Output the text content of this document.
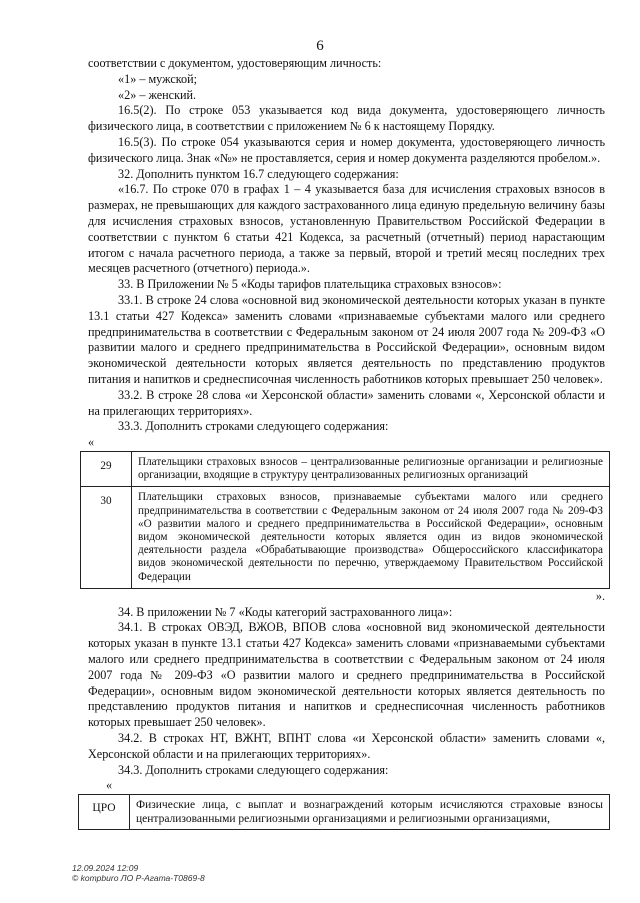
6

соответствии с документом, удостоверяющим личность:

«1» – мужской;

«2» – женский.

16.5(2). По строке 053 указывается код вида документа, удостоверяющего личность физического лица, в соответствии с приложением № 6 к настоящему Порядку.

16.5(3). По строке 054 указываются серия и номер документа, удостоверяющего личность физического лица. Знак «№» не проставляется, серия и номер документа разделяются пробелом.».

32. Дополнить пунктом 16.7 следующего содержания:

«16.7. По строке 070 в графах 1 – 4 указывается база для исчисления страховых взносов в размерах, не превышающих для каждого застрахованного лица единую предельную величину базы для исчисления страховых взносов, установленную Правительством Российской Федерации в соответствии с пунктом 6 статьи 421 Кодекса, за расчетный (отчетный) период нарастающим итогом с начала расчетного периода, а также за первый, второй и третий месяц последних трех месяцев расчетного (отчетного) периода.».

33. В Приложении № 5 «Коды тарифов плательщика страховых взносов»:

33.1. В строке 24 слова «основной вид экономической деятельности которых указан в пункте 13.1 статьи 427 Кодекса» заменить словами «признаваемые субъектами малого или среднего предпринимательства в соответствии с Федеральным законом от 24 июля 2007 года № 209-ФЗ «О развитии малого и среднего предпринимательства в Российской Федерации», основным видом экономической деятельности которых является деятельность по представлению продуктов питания и напитков и среднесписочная численность работников которых превышает 250 человек».

33.2. В строке 28 слова «и Херсонской области» заменить словами «, Херсонской области и на прилегающих территориях».

33.3. Дополнить строками следующего содержания:

«

29	Плательщики страховых взносов – централизованные религиозные организации и религиозные организации, входящие в структуру централизованных религиозных организаций
30	Плательщики страховых взносов, признаваемые субъектами малого или среднего предпринимательства в соответствии с Федеральным законом от 24 июля 2007 года № 209-ФЗ «О развитии малого и среднего предпринимательства в Российской Федерации», основным видом экономической деятельности которых является один из видов экономической деятельности раздела «Обрабатывающие производства» Общероссийского классификатора видов экономической деятельности по перечню, утверждаемому Правительством Российской Федерации

».

34. В приложении № 7 «Коды категорий застрахованного лица»:

34.1. В строках ОВЭД, ВЖОВ, ВПОВ слова «основной вид экономической деятельности которых указан в пункте 13.1 статьи 427 Кодекса» заменить словами «признаваемыми субъектами малого или среднего предпринимательства в соответствии с Федеральным законом от 24 июля 2007 года № 209-ФЗ «О развитии малого и среднего предпринимательства в Российской Федерации», основным видом экономической деятельности которых является деятельность по представлению продуктов питания и напитков и среднесписочная численность работников которых превышает 250 человек».

34.2. В строках НТ, ВЖНТ, ВПНТ слова «и Херсонской области» заменить словами «, Херсонской области и на прилегающих территориях».

34.3. Дополнить строками следующего содержания:

«

ЦРО	Физические лица, с выплат и вознаграждений которым исчисляются страховые взносы централизованными религиозными организациями и религиозными организациями,
12.09.2024 12:09
© kompburo ЛО Р-Агата-Т0869-8
